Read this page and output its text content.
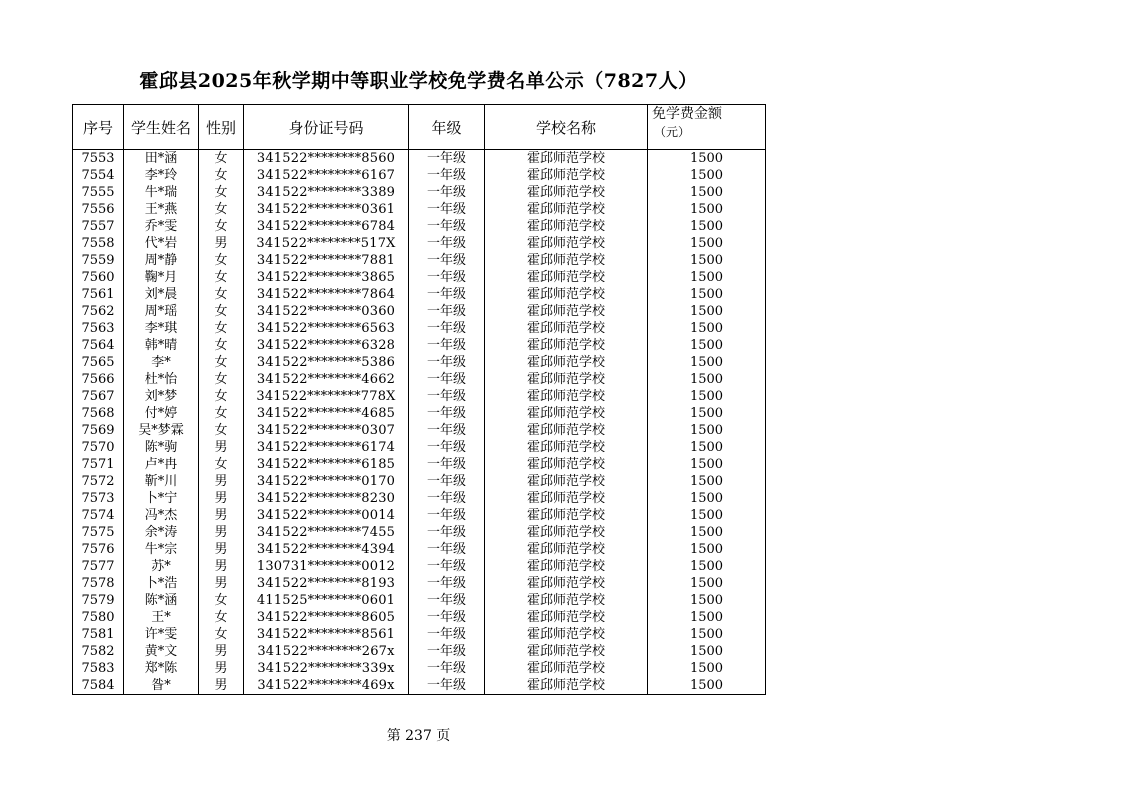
霍邱县2025年秋学期中等职业学校免学费名单公示（7827人）
序号	学生姓名	性别	身份证号码	年级	学校名称	免学费金额
（元）

7553	田*涵	女	341522********8560	一年级	霍邱师范学校	1500
7554	李*玲	女	341522********6167	一年级	霍邱师范学校	1500
7555	牛*瑞	女	341522********3389	一年级	霍邱师范学校	1500
7556	王*燕	女	341522********0361	一年级	霍邱师范学校	1500
7557	乔*雯	女	341522********6784	一年级	霍邱师范学校	1500
7558	代*岩	男	341522********517X	一年级	霍邱师范学校	1500
7559	周*静	女	341522********7881	一年级	霍邱师范学校	1500
7560	鞠*月	女	341522********3865	一年级	霍邱师范学校	1500
7561	刘*晨	女	341522********7864	一年级	霍邱师范学校	1500
7562	周*瑶	女	341522********0360	一年级	霍邱师范学校	1500
7563	李*琪	女	341522********6563	一年级	霍邱师范学校	1500
7564	韩*晴	女	341522********6328	一年级	霍邱师范学校	1500
7565	李*	女	341522********5386	一年级	霍邱师范学校	1500
7566	杜*怡	女	341522********4662	一年级	霍邱师范学校	1500
7567	刘*梦	女	341522********778X	一年级	霍邱师范学校	1500
7568	付*婷	女	341522********4685	一年级	霍邱师范学校	1500
7569	吴*梦霖	女	341522********0307	一年级	霍邱师范学校	1500
7570	陈*驹	男	341522********6174	一年级	霍邱师范学校	1500
7571	卢*冉	女	341522********6185	一年级	霍邱师范学校	1500
7572	靳*川	男	341522********0170	一年级	霍邱师范学校	1500
7573	卜*宁	男	341522********8230	一年级	霍邱师范学校	1500
7574	冯*杰	男	341522********0014	一年级	霍邱师范学校	1500
7575	余*涛	男	341522********7455	一年级	霍邱师范学校	1500
7576	牛*宗	男	341522********4394	一年级	霍邱师范学校	1500
7577	苏*	男	130731********0012	一年级	霍邱师范学校	1500
7578	卜*浩	男	341522********8193	一年级	霍邱师范学校	1500
7579	陈*涵	女	411525********0601	一年级	霍邱师范学校	1500
7580	王*	女	341522********8605	一年级	霍邱师范学校	1500
7581	许*雯	女	341522********8561	一年级	霍邱师范学校	1500
7582	黄*文	男	341522********267x	一年级	霍邱师范学校	1500
7583	郑*陈	男	341522********339x	一年级	霍邱师范学校	1500
7584	昝*	男	341522********469x	一年级	霍邱师范学校	1500
第 237 页
